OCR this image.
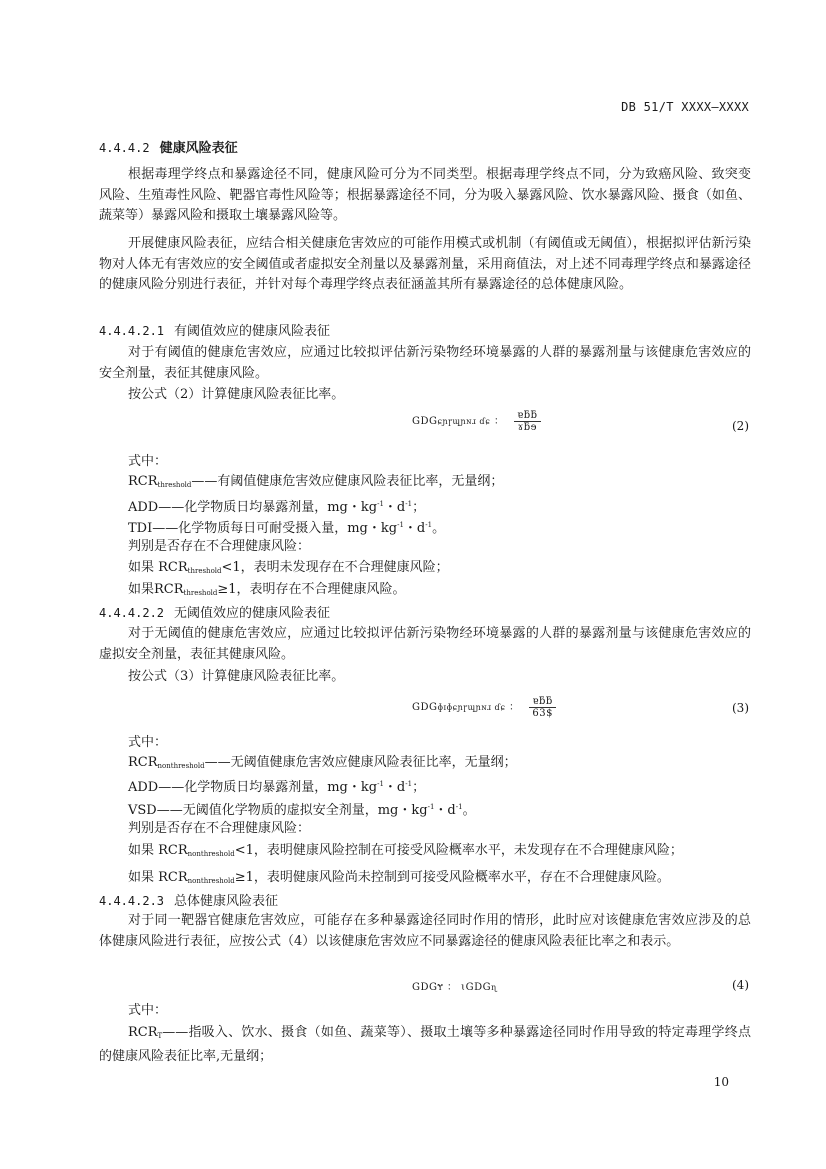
DB 51/T XXXX—XXXX
4.4.4.2 健康风险表征
根据毒理学终点和暴露途径不同，健康风险可分为不同类型。根据毒理学终点不同，分为致癌风险、致突变风险、生殖毒性风险、靶器官毒性风险等；根据暴露途径不同，分为吸入暴露风险、饮水暴露风险、摄食（如鱼、蔬菜等）暴露风险和摄取土壤暴露风险等。
开展健康风险表征，应结合相关健康危害效应的可能作用模式或机制（有阈值或无阈值），根据拟评估新污染物对人体无有害效应的安全阈值或者虚拟安全剂量以及暴露剂量，采用商值法，对上述不同毒理学终点和暴露途径的健康风险分别进行表征，并针对每个毒理学终点表征涵盖其所有暴露途径的总体健康风险。
4.4.4.2.1 有阈值效应的健康风险表征
对于有阈值的健康危害效应，应通过比较拟评估新污染物经环境暴露的人群的暴露剂量与该健康危害效应的安全剂量，表征其健康风险。
按公式（2）计算健康风险表征比率。
GDGɕɲɼɰɲɴɹ ɗɕ ： $\frac{\text{ɐƃƃ}}{\text{ɤƃɘ}}$	(2)
式中：
$RCR_{threshold}——$有阈值健康危害效应健康风险表征比率，无量纲；
ADD——化学物质日均暴露剂量，mg・$kg^{-1}$・$d^{-1}$；
TDI——化学物质每日可耐受摄入量，mg・$kg^{-1}$・$d^{-1}$。
判别是否存在不合理健康风险：
如果 $RCR_{threshold}<1$，表明未发现存在不合理健康风险；
如果$RCR_{threshold}\ge 1$，表明存在不合理健康风险。
4.4.4.2.2 无阈值效应的健康风险表征
对于无阈值的健康危害效应，应通过比较拟评估新污染物经环境暴露的人群的暴露剂量与该健康危害效应的虚拟安全剂量，表征其健康风险。
按公式（3）计算健康风险表征比率。
GDGɸɪɸɕɲɼɰɲɴɹ ɗɕ ： $\frac{\text{ɐƃƃ}}{63\$}$	(3)
式中：
$RCR_{nonthreshold}——$无阈值健康危害效应健康风险表征比率，无量纲；
ADD——化学物质日均暴露剂量，mg・$kg^{-1}$・$d^{-1}$；
VSD——无阈值化学物质的虚拟安全剂量，mg・$kg^{-1}$・$d^{-1}$。
判别是否存在不合理健康风险：
如果 $RCR_{nonthreshold}<1$，表明健康风险控制在可接受风险概率水平，未发现存在不合理健康风险；
如果 $RCR_{nonthreshold}\ge 1$，表明健康风险尚未控制到可接受风险概率水平，存在不合理健康风险。
4.4.4.2.3 总体健康风险表征
对于同一靶器官健康危害效应，可能存在多种暴露途径同时作用的情形，此时应对该健康危害效应涉及的总体健康风险进行表征，应按公式（4）以该健康危害效应不同暴露途径的健康风险表征比率之和表示。
GDGɎ ： ɩGDGɳ	(4)
式中：
$RCR_T——$指吸入、饮水、摄食（如鱼、蔬菜等）、摄取土壤等多种暴露途径同时作用导致的特定毒理学终点的健康风险表征比率,无量纲；
10
